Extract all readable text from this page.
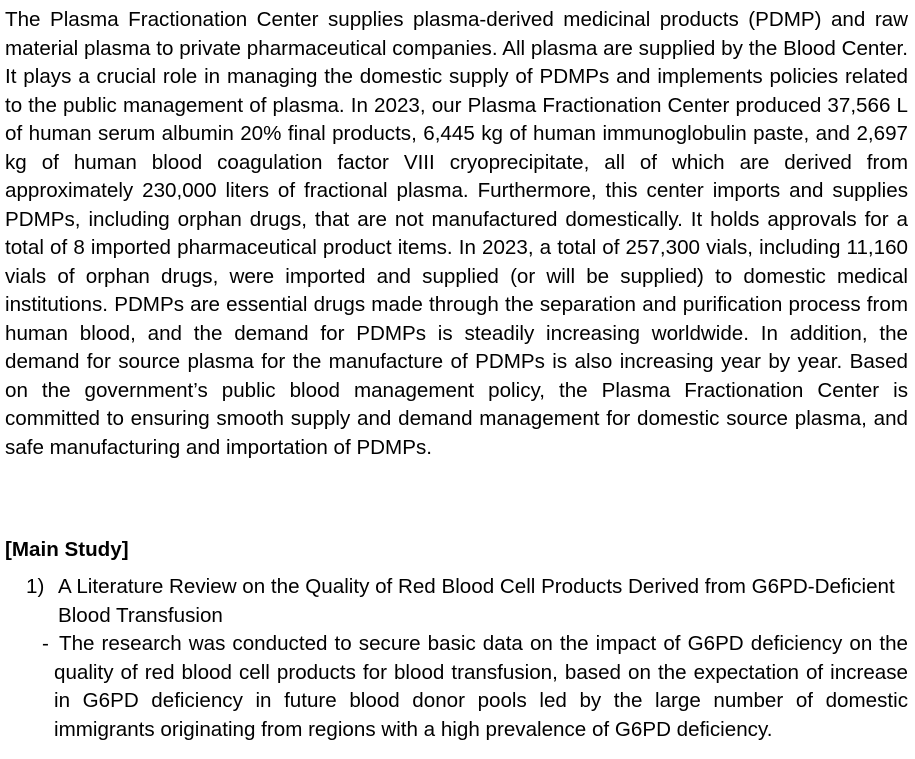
The Plasma Fractionation Center supplies plasma-derived medicinal products (PDMP) and raw material plasma to private pharmaceutical companies. All plasma are supplied by the Blood Center. It plays a crucial role in managing the domestic supply of PDMPs and implements policies related to the public management of plasma. In 2023, our Plasma Fractionation Center produced 37,566 L of human serum albumin 20% final products, 6,445 kg of human immunoglobulin paste, and 2,697 kg of human blood coagulation factor VIII cryoprecipitate, all of which are derived from approximately 230,000 liters of fractional plasma. Furthermore, this center imports and supplies PDMPs, including orphan drugs, that are not manufactured domestically. It holds approvals for a total of 8 imported pharmaceutical product items. In 2023, a total of 257,300 vials, including 11,160 vials of orphan drugs, were imported and supplied (or will be supplied) to domestic medical institutions. PDMPs are essential drugs made through the separation and purification process from human blood, and the demand for PDMPs is steadily increasing worldwide. In addition, the demand for source plasma for the manufacture of PDMPs is also increasing year by year. Based on the government’s public blood management policy, the Plasma Fractionation Center is committed to ensuring smooth supply and demand management for domestic source plasma, and safe manufacturing and importation of PDMPs.
[Main Study]
1) A Literature Review on the Quality of Red Blood Cell Products Derived from G6PD-Deficient Blood Transfusion
- The research was conducted to secure basic data on the impact of G6PD deficiency on the quality of red blood cell products for blood transfusion, based on the expectation of increase in G6PD deficiency in future blood donor pools led by the large number of domestic immigrants originating from regions with a high prevalence of G6PD deficiency.
